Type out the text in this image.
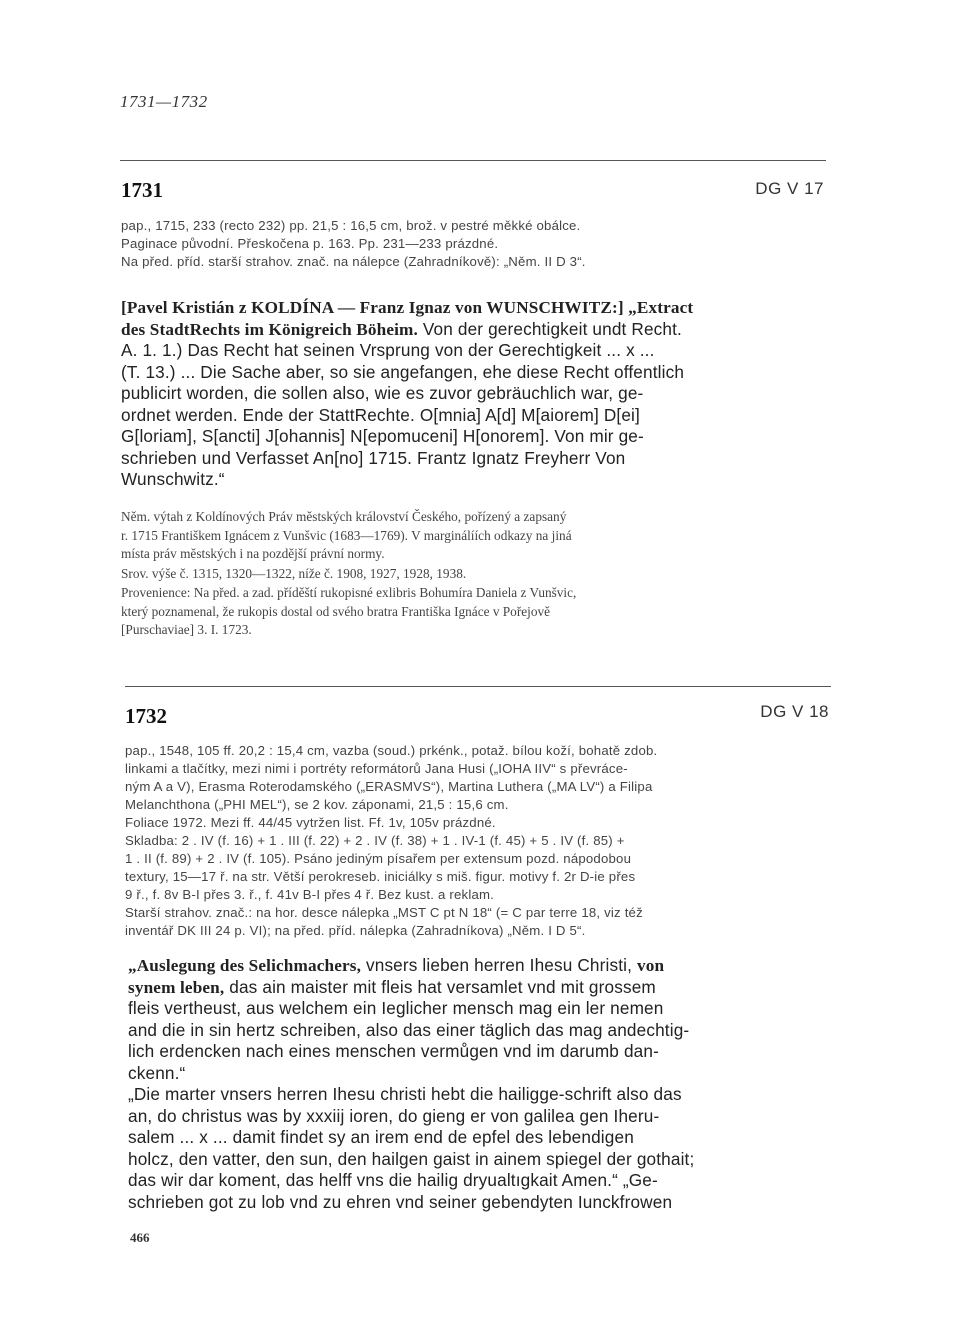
1731—1732
1731	DG V 17
pap., 1715, 233 (recto 232) pp. 21,5 : 16,5 cm, brož. v pestré měkké obálce.
Paginace původní. Přeskočena p. 163. Pp. 231—233 prázdné.
Na před. příd. starší strahov. znač. na nálepce (Zahradníkově): „Něm. II D 3“.
[Pavel Kristián z KOLDÍNA — Franz Ignaz von WUNSCHWITZ:] „Extract
des StadtRechts im Königreich Böheim. Von der gerechtigkeit undt Recht.
A. 1. 1.) Das Recht hat seinen Vrsprung von der Gerechtigkeit ... x ...
(T. 13.) ... Die Sache aber, so sie angefangen, ehe diese Recht offentlich
publicirt worden, die sollen also, wie es zuvor gebräuchlich war, ge-
ordnet werden. Ende der StattRechte. O[mnia] A[d] M[aiorem] D[ei]
G[loriam], S[ancti] J[ohannis] N[epomuceni] H[onorem]. Von mir ge-
schrieben und Verfasset An[no] 1715. Frantz Ignatz Freyherr Von
Wunschwitz.“
Něm. výtah z Koldínových Práv městských království Českého, pořízený a zapsaný
r. 1715 Františkem Ignácem z Vunšvic (1683—1769). V marginálíích odkazy na jiná
místa práv městských i na pozdější právní normy.
Srov. výše č. 1315, 1320—1322, níže č. 1908, 1927, 1928, 1938.
Provenience: Na před. a zad. příděští rukopisné exlibris Bohumíra Daniela z Vunšvic,
který poznamenal, že rukopis dostal od svého bratra Františka Ignáce v Pořejově
[Purschaviae] 3. I. 1723.
1732	DG V 18
pap., 1548, 105 ff. 20,2 : 15,4 cm, vazba (soud.) prkénk., potaž. bílou koží, bohatě zdob.
linkami a tlačítky, mezi nimi i portréty reformátorů Jana Husi („IOHA IIV“ s převráce-
ným A a V), Erasma Roterodamského („ERASMVS“), Martina Luthera („MA LV“) a Filipa
Melanchthona („PHI MEL“), se 2 kov. záponami, 21,5 : 15,6 cm.
Foliace 1972. Mezi ff. 44/45 vytržen list. Ff. 1v, 105v prázdné.
Skladba: 2 . IV (f. 16) + 1 . III (f. 22) + 2 . IV (f. 38) + 1 . IV-1 (f. 45) + 5 . IV (f. 85) +
1 . II (f. 89) + 2 . IV (f. 105). Psáno jediným písařem per extensum pozd. nápodobou
textury, 15—17 ř. na str. Větší perokreseb. iniciálky s miš. figur. motivy f. 2r D-ie přes
9 ř., f. 8v B-I přes 3. ř., f. 41v B-I přes 4 ř. Bez kust. a reklam.
Starší strahov. znač.: na hor. desce nálepka „MST C pt N 18“ (= C par terre 18, viz též
inventář DK III 24 p. VI); na před. příd. nálepka (Zahradníkova) „Něm. I D 5“.
„Auslegung des Selichmachers, vnsers lieben herren Ihesu Christi, von
synem leben, das ain maister mit fleis hat versamlet vnd mit grossem
fleis vertheust, aus welchem ein Ieglicher mensch mag ein ler nemen
and die in sin hertz schreiben, also das einer täglich das mag andechtig-
lich erdencken nach eines menschen vermůgen vnd im darumb dan-
ckenn.“
„Die marter vnsers herren Ihesu christi hebt die hailigge-schrift also das
an, do christus was by xxxiij ioren, do gieng er von galilea gen Iheru-
salem ... x ... damit findet sy an irem end de epfel des lebendigen
holcz, den vatter, den sun, den hailgen gaist in ainem spiegel der gothait;
das wir dar koment, das helff vns die hailig dryualtıgkait Amen.“ „Ge-
schrieben got zu lob vnd zu ehren vnd seiner gebendyten Iunckfrowen
466
